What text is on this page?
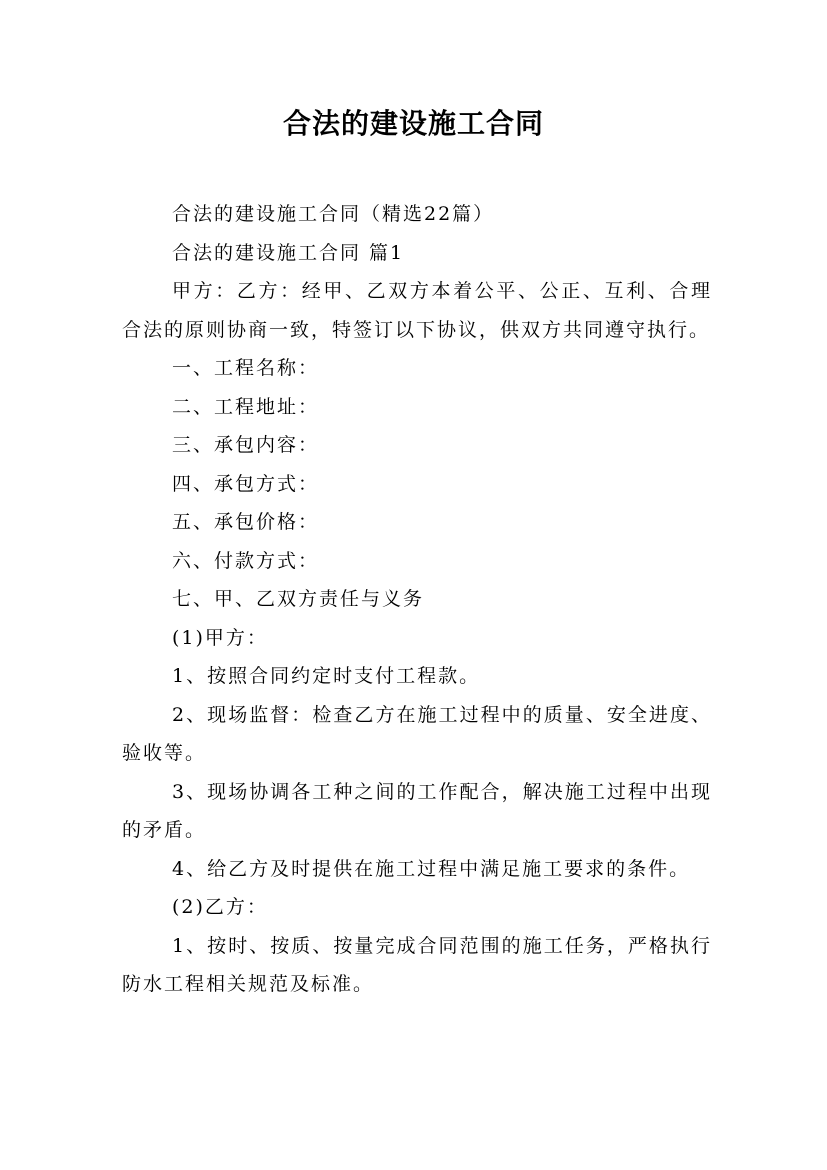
合法的建设施工合同

合法的建设施工合同（精选22篇）

合法的建设施工合同 篇1

甲方：乙方：经甲、乙双方本着公平、公正、互利、合理合法的原则协商一致，特签订以下协议，供双方共同遵守执行。

一、工程名称：

二、工程地址：

三、承包内容：

四、承包方式：

五、承包价格：

六、付款方式：

七、甲、乙双方责任与义务

(1)甲方：

1、按照合同约定时支付工程款。

2、现场监督：检查乙方在施工过程中的质量、安全进度、验收等。

3、现场协调各工种之间的工作配合，解决施工过程中出现的矛盾。

4、给乙方及时提供在施工过程中满足施工要求的条件。

(2)乙方：

1、按时、按质、按量完成合同范围的施工任务，严格执行防水工程相关规范及标准。
